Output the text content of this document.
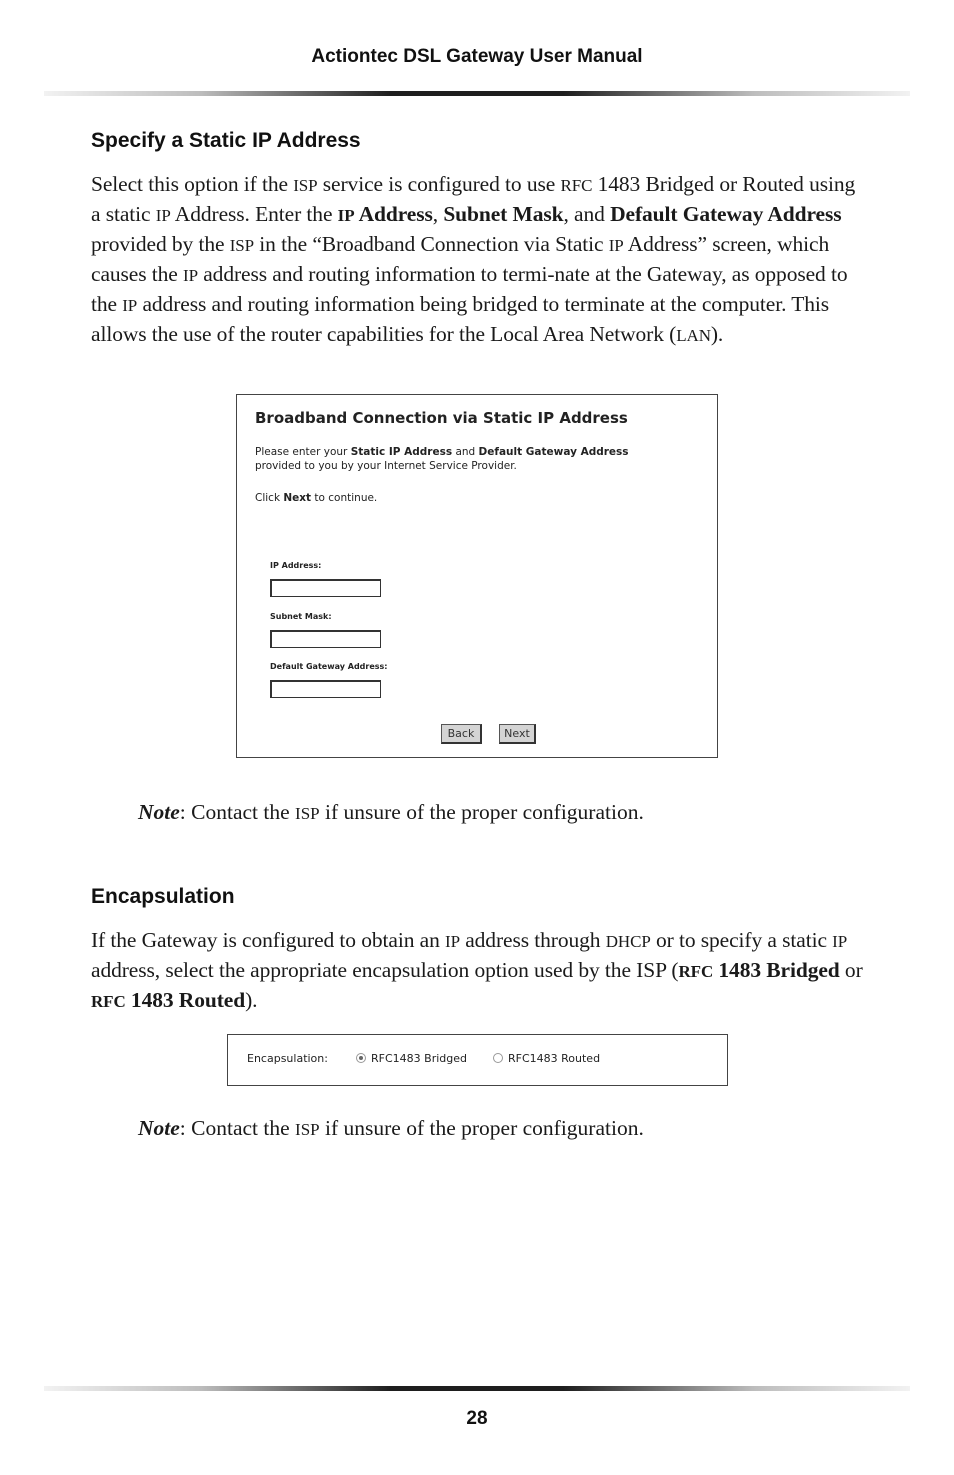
Actiontec DSL Gateway User Manual
Specify a Static IP Address

Select this option if the ISP service is configured to use RFC 1483 Bridged or Routed using a static IP Address. Enter the IP Address, Subnet Mask, and Default Gateway Address provided by the ISP in the “Broadband Connection via Static IP Address” screen, which causes the IP address and routing information to termi-nate at the Gateway, as opposed to the IP address and routing information being bridged to terminate at the computer. This allows the use of the router capabilities for the Local Area Network (LAN).

Broadband Connection via Static IP Address
Please enter your Static IP Address and Default Gateway Address
provided to you by your Internet Service Provider.
Click Next to continue.
IP Address:
Subnet Mask:
Default Gateway Address:
Back	Next

Note: Contact the ISP if unsure of the proper configuration.

Encapsulation

If the Gateway is configured to obtain an IP address through DHCP or to specify a static IP address, select the appropriate encapsulation option used by the ISP (RFC 1483 Bridged or RFC 1483 Routed).

Encapsulation:	RFC1483 Bridged	RFC1483 Routed

Note: Contact the ISP if unsure of the proper configuration.

28
